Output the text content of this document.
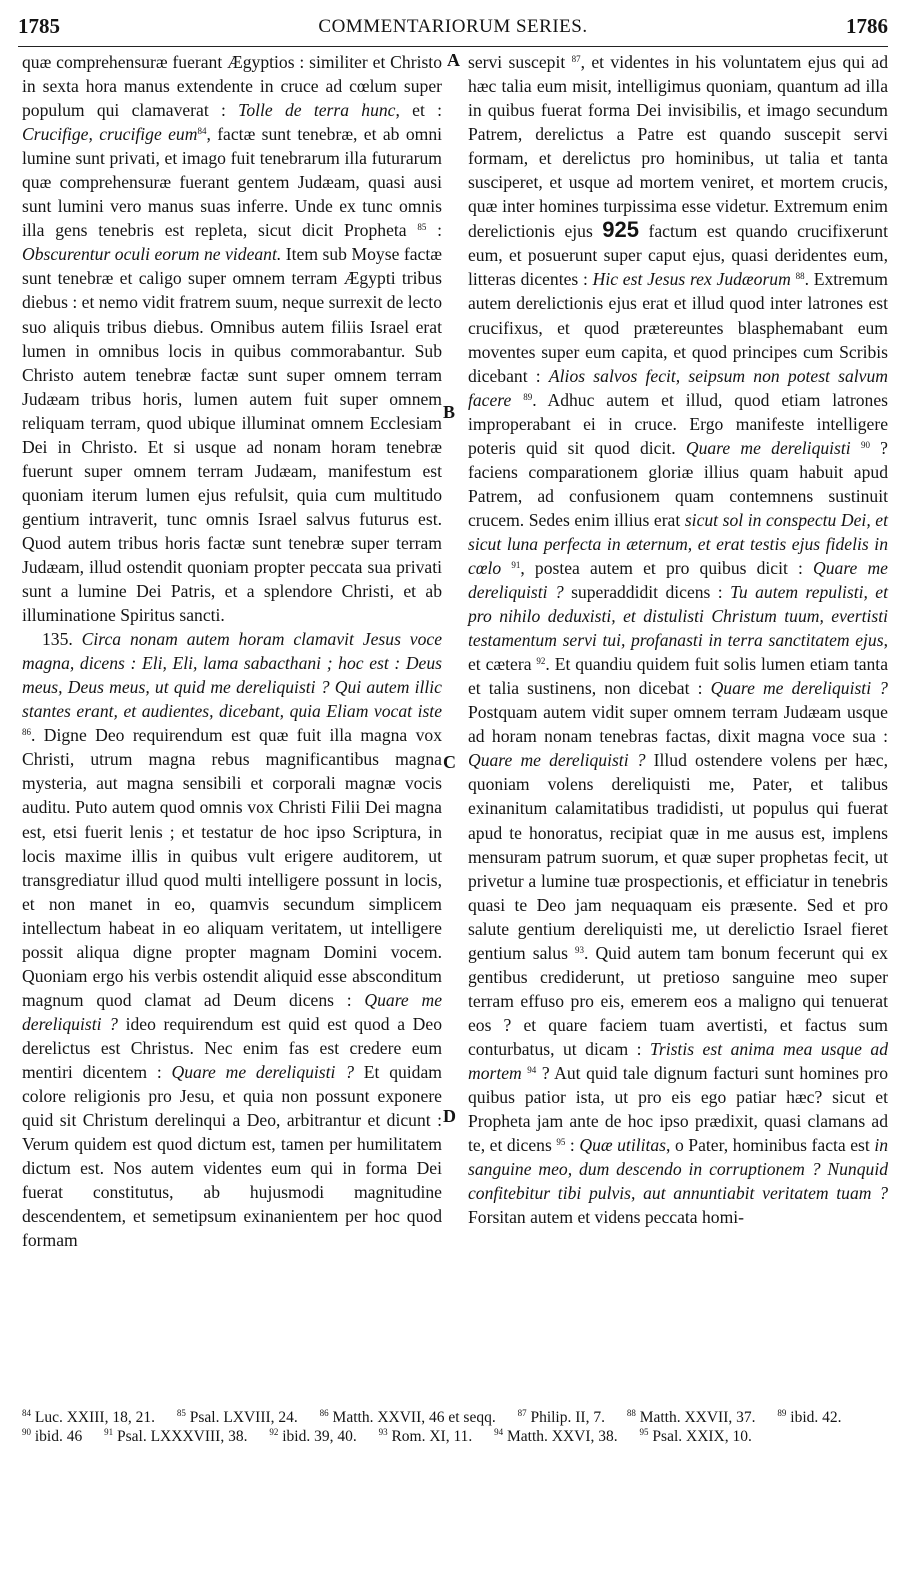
1785	COMMENTARIORUM SERIES.	1786
A
B
C
D

quæ comprehensuræ fuerant Ægyptios : similiter et Christo in sexta hora manus extendente in cruce ad cœlum super populum qui clamaverat : Tolle de terra hunc, et : Crucifige, crucifige eum$^{84}$, factæ sunt tenebræ, et ab omni lumine sunt privati, et imago fuit tenebrarum illa futurarum quæ comprehensuræ fuerant gentem Judæam, quasi ausi sunt lumini vero manus suas inferre. Unde ex tunc omnis illa gens tenebris est repleta, sicut dicit Propheta $^{85}$ : Obscurentur oculi eorum ne videant. Item sub Moyse factæ sunt tenebræ et caligo super omnem terram Ægypti tribus diebus : et nemo vidit fratrem suum, neque surrexit de lecto suo aliquis tribus diebus. Omnibus autem filiis Israel erat lumen in omnibus locis in quibus commorabantur. Sub Christo autem tenebræ factæ sunt super omnem terram Judæam tribus horis, lumen autem fuit super omnem reliquam terram, quod ubique illuminat omnem Ecclesiam Dei in Christo. Et si usque ad nonam horam tenebræ fuerunt super omnem terram Judæam, manifestum est quoniam iterum lumen ejus refulsit, quia cum multitudo gentium intraverit, tunc omnis Israel salvus futurus est. Quod autem tribus horis factæ sunt tenebræ super terram Judæam, illud ostendit quoniam propter peccata sua privati sunt a lumine Dei Patris, et a splendore Christi, et ab illuminatione Spiritus sancti.

135. Circa nonam autem horam clamavit Jesus voce magna, dicens : Eli, Eli, lama sabacthani ; hoc est : Deus meus, Deus meus, ut quid me dereliquisti ? Qui autem illic stantes erant, et audientes, dicebant, quia Eliam vocat iste $^{86}$. Digne Deo requirendum est quæ fuit illa magna vox Christi, utrum magna rebus magnificantibus magna mysteria, aut magna sensibili et corporali magnæ vocis auditu. Puto autem quod omnis vox Christi Filii Dei magna est, etsi fuerit lenis ; et testatur de hoc ipso Scriptura, in locis maxime illis in quibus vult erigere auditorem, ut transgrediatur illud quod multi intelligere possunt in locis, et non manet in eo, quamvis secundum simplicem intellectum habeat in eo aliquam veritatem, ut intelligere possit aliqua digne propter magnam Domini vocem. Quoniam ergo his verbis ostendit aliquid esse absconditum magnum quod clamat ad Deum dicens : Quare me dereliquisti ? ideo requirendum est quid est quod a Deo derelictus est Christus. Nec enim fas est credere eum mentiri dicentem : Quare me dereliquisti ? Et quidam colore religionis pro Jesu, et quia non possunt exponere quid sit Christum derelinqui a Deo, arbitrantur et dicunt : Verum quidem est quod dictum est, tamen per humilitatem dictum est. Nos autem videntes eum qui in forma Dei fuerat constitutus, ab hujusmodi magnitudine descendentem, et semetipsum exinanientem per hoc quod formam

servi suscepit $^{87}$, et videntes in his voluntatem ejus qui ad hæc talia eum misit, intelligimus quoniam, quantum ad illa in quibus fuerat forma Dei invisibilis, et imago secundum Patrem, derelictus a Patre est quando suscepit servi formam, et derelictus pro hominibus, ut talia et tanta susciperet, et usque ad mortem veniret, et mortem crucis, quæ inter homines turpissima esse videtur. Extremum enim derelictionis ejus 925 factum est quando crucifixerunt eum, et posuerunt super caput ejus, quasi deridentes eum, litteras dicentes : Hic est Jesus rex Judæorum $^{88}$. Extremum autem derelictionis ejus erat et illud quod inter latrones est crucifixus, et quod prætereuntes blasphemabant eum moventes super eum capita, et quod principes cum Scribis dicebant : Alios salvos fecit, seipsum non potest salvum facere $^{89}$. Adhuc autem et illud, quod etiam latrones improperabant ei in cruce. Ergo manifeste intelligere poteris quid sit quod dicit. Quare me dereliquisti $^{90}$ ? faciens comparationem gloriæ illius quam habuit apud Patrem, ad confusionem quam contemnens sustinuit crucem. Sedes enim illius erat sicut sol in conspectu Dei, et sicut luna perfecta in æternum, et erat testis ejus fidelis in cœlo $^{91}$, postea autem et pro quibus dicit : Quare me dereliquisti ? superaddidit dicens : Tu autem repulisti, et pro nihilo deduxisti, et distulisti Christum tuum, evertisti testamentum servi tui, profanasti in terra sanctitatem ejus, et cætera $^{92}$. Et quandiu quidem fuit solis lumen etiam tanta et talia sustinens, non dicebat : Quare me dereliquisti ? Postquam autem vidit super omnem terram Judæam usque ad horam nonam tenebras factas, dixit magna voce sua : Quare me dereliquisti ? Illud ostendere volens per hæc, quoniam volens dereliquisti me, Pater, et talibus exinanitum calamitatibus tradidisti, ut populus qui fuerat apud te honoratus, recipiat quæ in me ausus est, implens mensuram patrum suorum, et quæ super prophetas fecit, ut privetur a lumine tuæ prospectionis, et efficiatur in tenebris quasi te Deo jam nequaquam eis præsente. Sed et pro salute gentium dereliquisti me, ut derelictio Israel fieret gentium salus $^{93}$. Quid autem tam bonum fecerunt qui ex gentibus crediderunt, ut pretioso sanguine meo super terram effuso pro eis, emerem eos a maligno qui tenuerat eos ? et quare faciem tuam avertisti, et factus sum conturbatus, ut dicam : Tristis est anima mea usque ad mortem $^{94}$ ? Aut quid tale dignum facturi sunt homines pro quibus patior ista, ut pro eis ego patiar hæc? sicut et Propheta jam ante de hoc ipso prædixit, quasi clamans ad te, et dicens $^{95}$ : Quæ utilitas, o Pater, hominibus facta est in sanguine meo, dum descendo in corruptionem ? Nunquid confitebitur tibi pulvis, aut annuntiabit veritatem tuam ? Forsitan autem et videns peccata homi-

$^{84}$ Luc. XXIII, 18, 21. $^{85}$ Psal. LXVIII, 24. $^{86}$ Matth. XXVII, 46 et seqq. $^{87}$ Philip. II, 7. $^{88}$ Matth. XXVII, 37. $^{89}$ ibid. 42. $^{90}$ ibid. 46 $^{91}$ Psal. LXXXVIII, 38. $^{92}$ ibid. 39, 40. $^{93}$ Rom. XI, 11. $^{94}$ Matth. XXVI, 38. $^{95}$ Psal. XXIX, 10.
